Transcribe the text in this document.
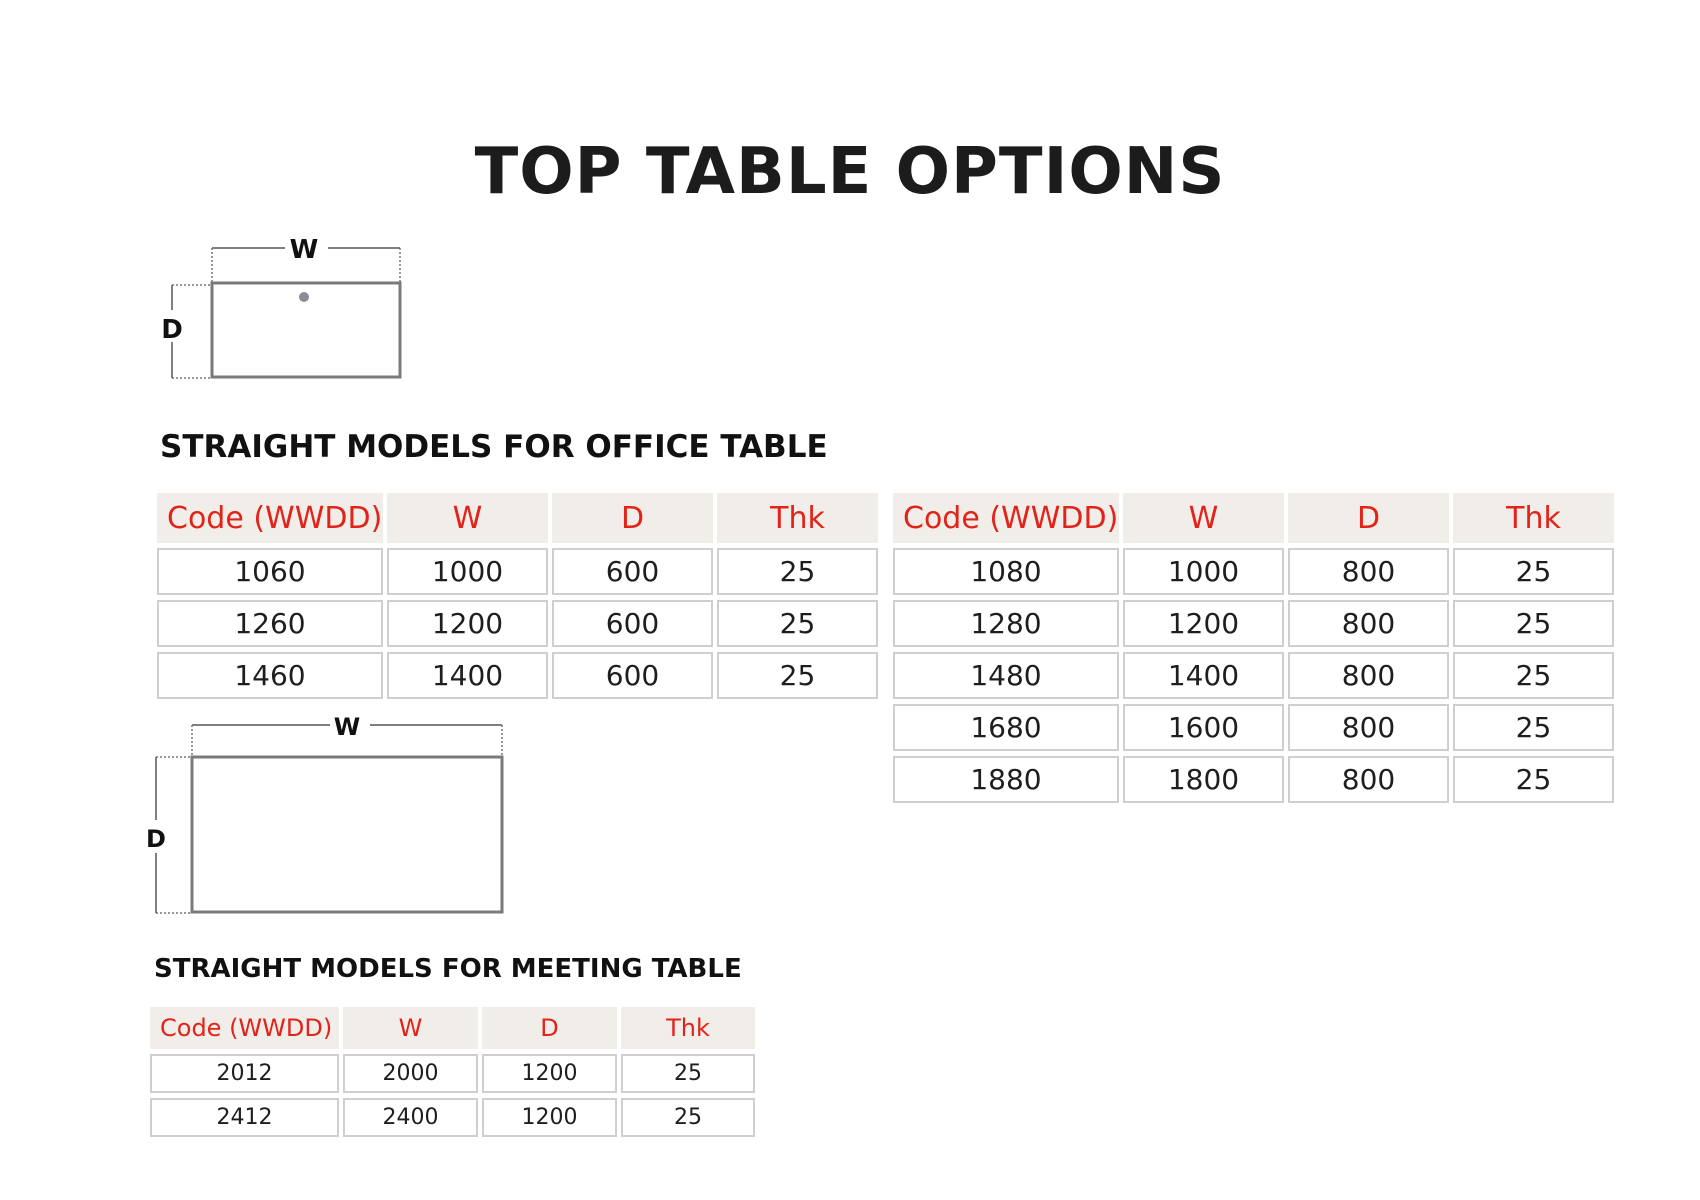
TOP TABLE OPTIONS
W
D
STRAIGHT MODELS FOR OFFICE TABLE
Code (WWDD)	W	D	Thk
1060	1000	600	25
1260	1200	600	25
1460	1400	600	25
Code (WWDD)	W	D	Thk
1080	1000	800	25
1280	1200	800	25
1480	1400	800	25
1680	1600	800	25
1880	1800	800	25
W
D
STRAIGHT MODELS FOR MEETING TABLE
Code (WWDD)	W	D	Thk
2012	2000	1200	25
2412	2400	1200	25
